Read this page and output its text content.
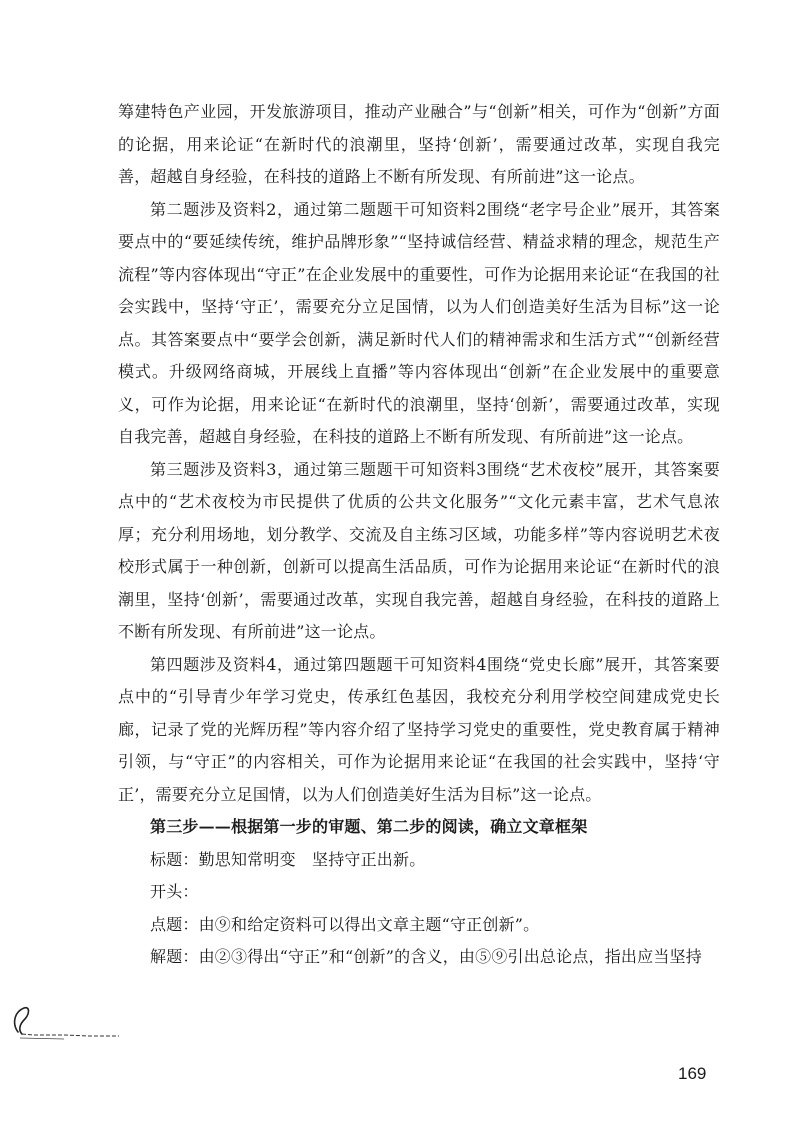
筹建特色产业园，开发旅游项目，推动产业融合”与“创新”相关，可作为“创新”方面的论据，用来论证“在新时代的浪潮里，坚持‘创新’，需要通过改革，实现自我完善，超越自身经验，在科技的道路上不断有所发现、有所前进”这一论点。

第二题涉及资料2，通过第二题题干可知资料2围绕“老字号企业”展开，其答案要点中的“要延续传统，维护品牌形象”“坚持诚信经营、精益求精的理念，规范生产流程”等内容体现出“守正”在企业发展中的重要性，可作为论据用来论证“在我国的社会实践中，坚持‘守正’，需要充分立足国情，以为人们创造美好生活为目标”这一论点。其答案要点中“要学会创新，满足新时代人们的精神需求和生活方式”“创新经营模式。升级网络商城，开展线上直播”等内容体现出“创新”在企业发展中的重要意义，可作为论据，用来论证“在新时代的浪潮里，坚持‘创新’，需要通过改革，实现自我完善，超越自身经验，在科技的道路上不断有所发现、有所前进”这一论点。

第三题涉及资料3，通过第三题题干可知资料3围绕“艺术夜校”展开，其答案要点中的“艺术夜校为市民提供了优质的公共文化服务”“文化元素丰富，艺术气息浓厚；充分利用场地，划分教学、交流及自主练习区域，功能多样”等内容说明艺术夜校形式属于一种创新，创新可以提高生活品质，可作为论据用来论证“在新时代的浪潮里，坚持‘创新’，需要通过改革，实现自我完善，超越自身经验，在科技的道路上不断有所发现、有所前进”这一论点。

第四题涉及资料4，通过第四题题干可知资料4围绕“党史长廊”展开，其答案要点中的“引导青少年学习党史，传承红色基因，我校充分利用学校空间建成党史长廊，记录了党的光辉历程”等内容介绍了坚持学习党史的重要性，党史教育属于精神引领，与“守正”的内容相关，可作为论据用来论证“在我国的社会实践中，坚持‘守正’，需要充分立足国情，以为人们创造美好生活为目标”这一论点。

第三步——根据第一步的审题、第二步的阅读，确立文章框架

标题：勤思知常明变　坚持守正出新。

开头：

点题：由⑨和给定资料可以得出文章主题“守正创新”。

解题：由②③得出“守正”和“创新”的含义，由⑤⑨引出总论点，指出应当坚持

169
